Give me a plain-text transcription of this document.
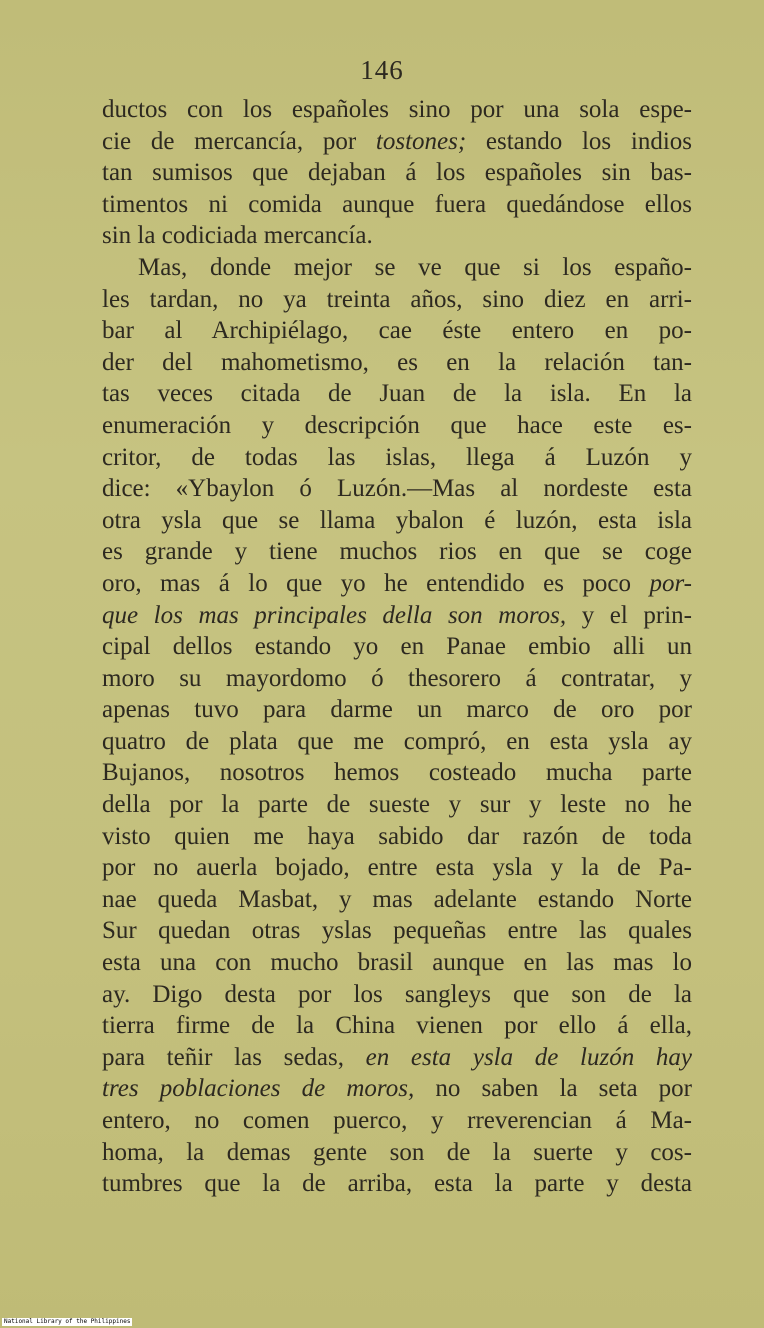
146
ductos con los españoles sino por una sola espe-
cie de mercancía, por tostones; estando los indios
tan sumisos que dejaban á los españoles sin bas-
timentos ni comida aunque fuera quedándose ellos
sin la codiciada mercancía.
Mas, donde mejor se ve que si los españo-
les tardan, no ya treinta años, sino diez en arri-
bar al Archipiélago, cae éste entero en po-
der del mahometismo, es en la relación tan-
tas veces citada de Juan de la isla. En la
enumeración y descripción que hace este es-
critor, de todas las islas, llega á Luzón y
dice: «Ybaylon ó Luzón.—Mas al nordeste esta
otra ysla que se llama ybalon é luzón, esta isla
es grande y tiene muchos rios en que se coge
oro, mas á lo que yo he entendido es poco por-
que los mas principales della son moros, y el prin-
cipal dellos estando yo en Panae embio alli un
moro su mayordomo ó thesorero á contratar, y
apenas tuvo para darme un marco de oro por
quatro de plata que me compró, en esta ysla ay
Bujanos, nosotros hemos costeado mucha parte
della por la parte de sueste y sur y leste no he
visto quien me haya sabido dar razón de toda
por no auerla bojado, entre esta ysla y la de Pa-
nae queda Masbat, y mas adelante estando Norte
Sur quedan otras yslas pequeñas entre las quales
esta una con mucho brasil aunque en las mas lo
ay. Digo desta por los sangleys que son de la
tierra firme de la China vienen por ello á ella,
para teñir las sedas, en esta ysla de luzón hay
tres poblaciones de moros, no saben la seta por
entero, no comen puerco, y rreverencian á Ma-
homa, la demas gente son de la suerte y cos-
tumbres que la de arriba, esta la parte y desta
National Library of the Philippines
